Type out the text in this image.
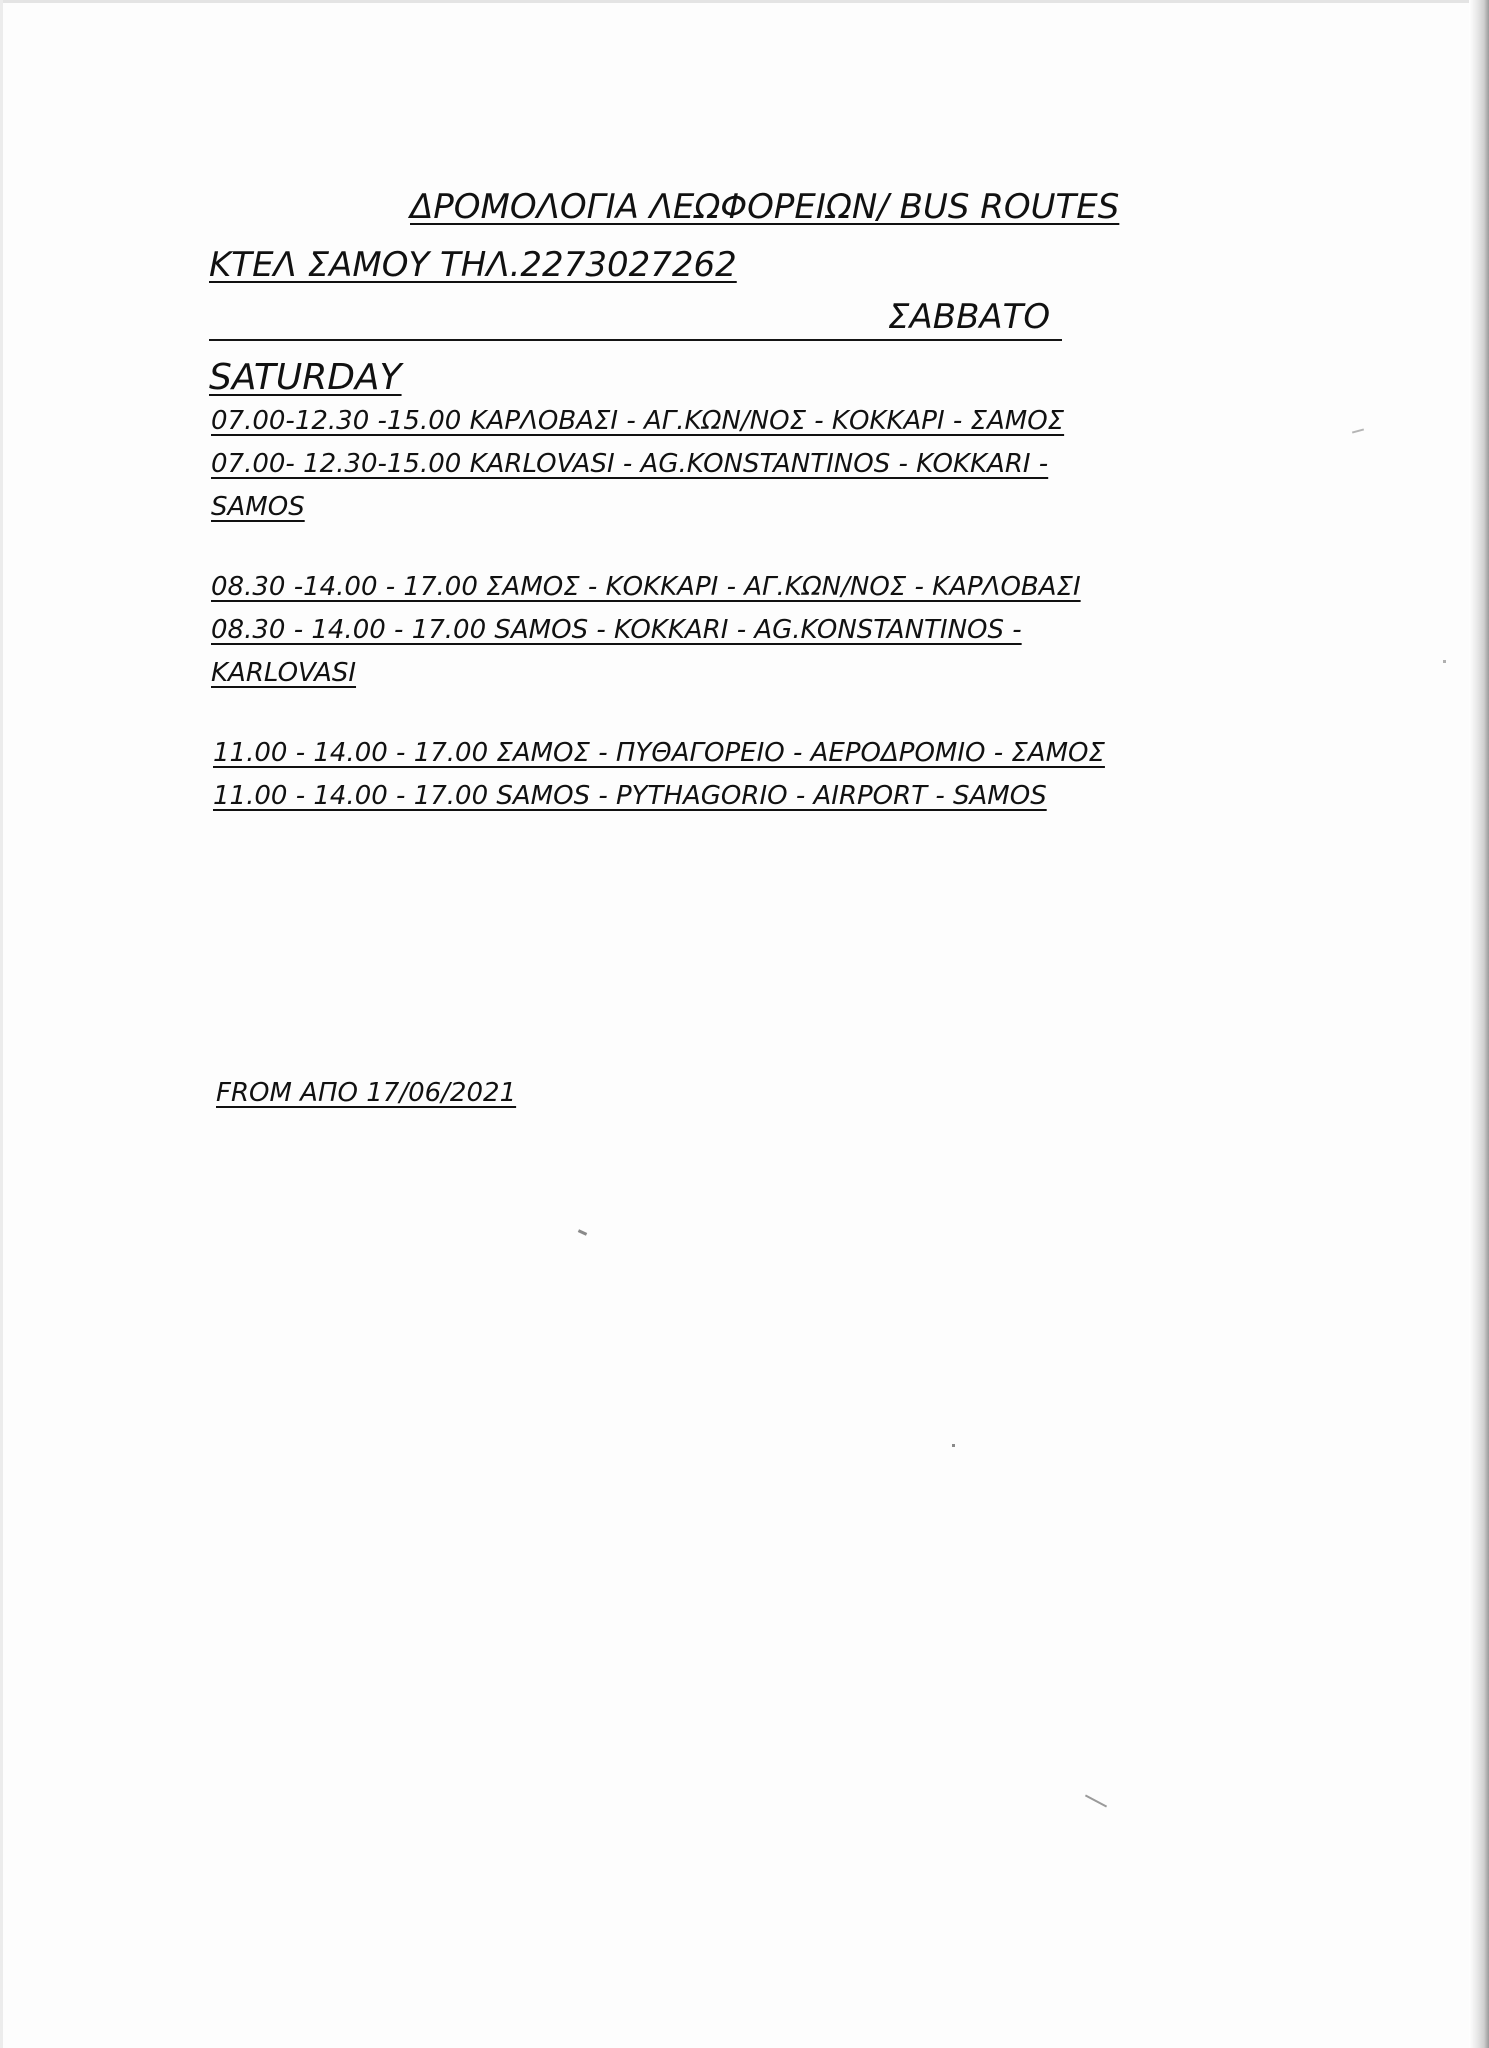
ΔΡΟΜΟΛΟΓΙΑ ΛΕΩΦΟΡΕΙΩΝ/ BUS ROUTES
ΚΤΕΛ ΣΑΜΟΥ ΤΗΛ.2273027262
ΣΑΒΒΑΤΟ
SATURDAY
07.00-12.30 -15.00 ΚΑΡΛΟΒΑΣΙ - ΑΓ.ΚΩΝ/ΝΟΣ - ΚΟΚΚΑΡΙ - ΣΑΜΟΣ
07.00- 12.30-15.00 KARLOVASI - AG.KONSTANTINOS - KOKKARI -
SAMOS
08.30 -14.00 - 17.00 ΣΑΜΟΣ - ΚΟΚΚΑΡΙ - ΑΓ.ΚΩΝ/ΝΟΣ - ΚΑΡΛΟΒΑΣΙ
08.30 - 14.00 - 17.00 SAMOS - KOKKARI - AG.KONSTANTINOS -
KARLOVASI
11.00 - 14.00 - 17.00 ΣΑΜΟΣ - ΠΥΘΑΓΟΡΕΙΟ - ΑΕΡΟΔΡΟΜΙΟ - ΣΑΜΟΣ
11.00 - 14.00 - 17.00 SAMOS - PYTHAGORIO - AIRPORT - SAMOS
FROM ΑΠΟ 17/06/2021
